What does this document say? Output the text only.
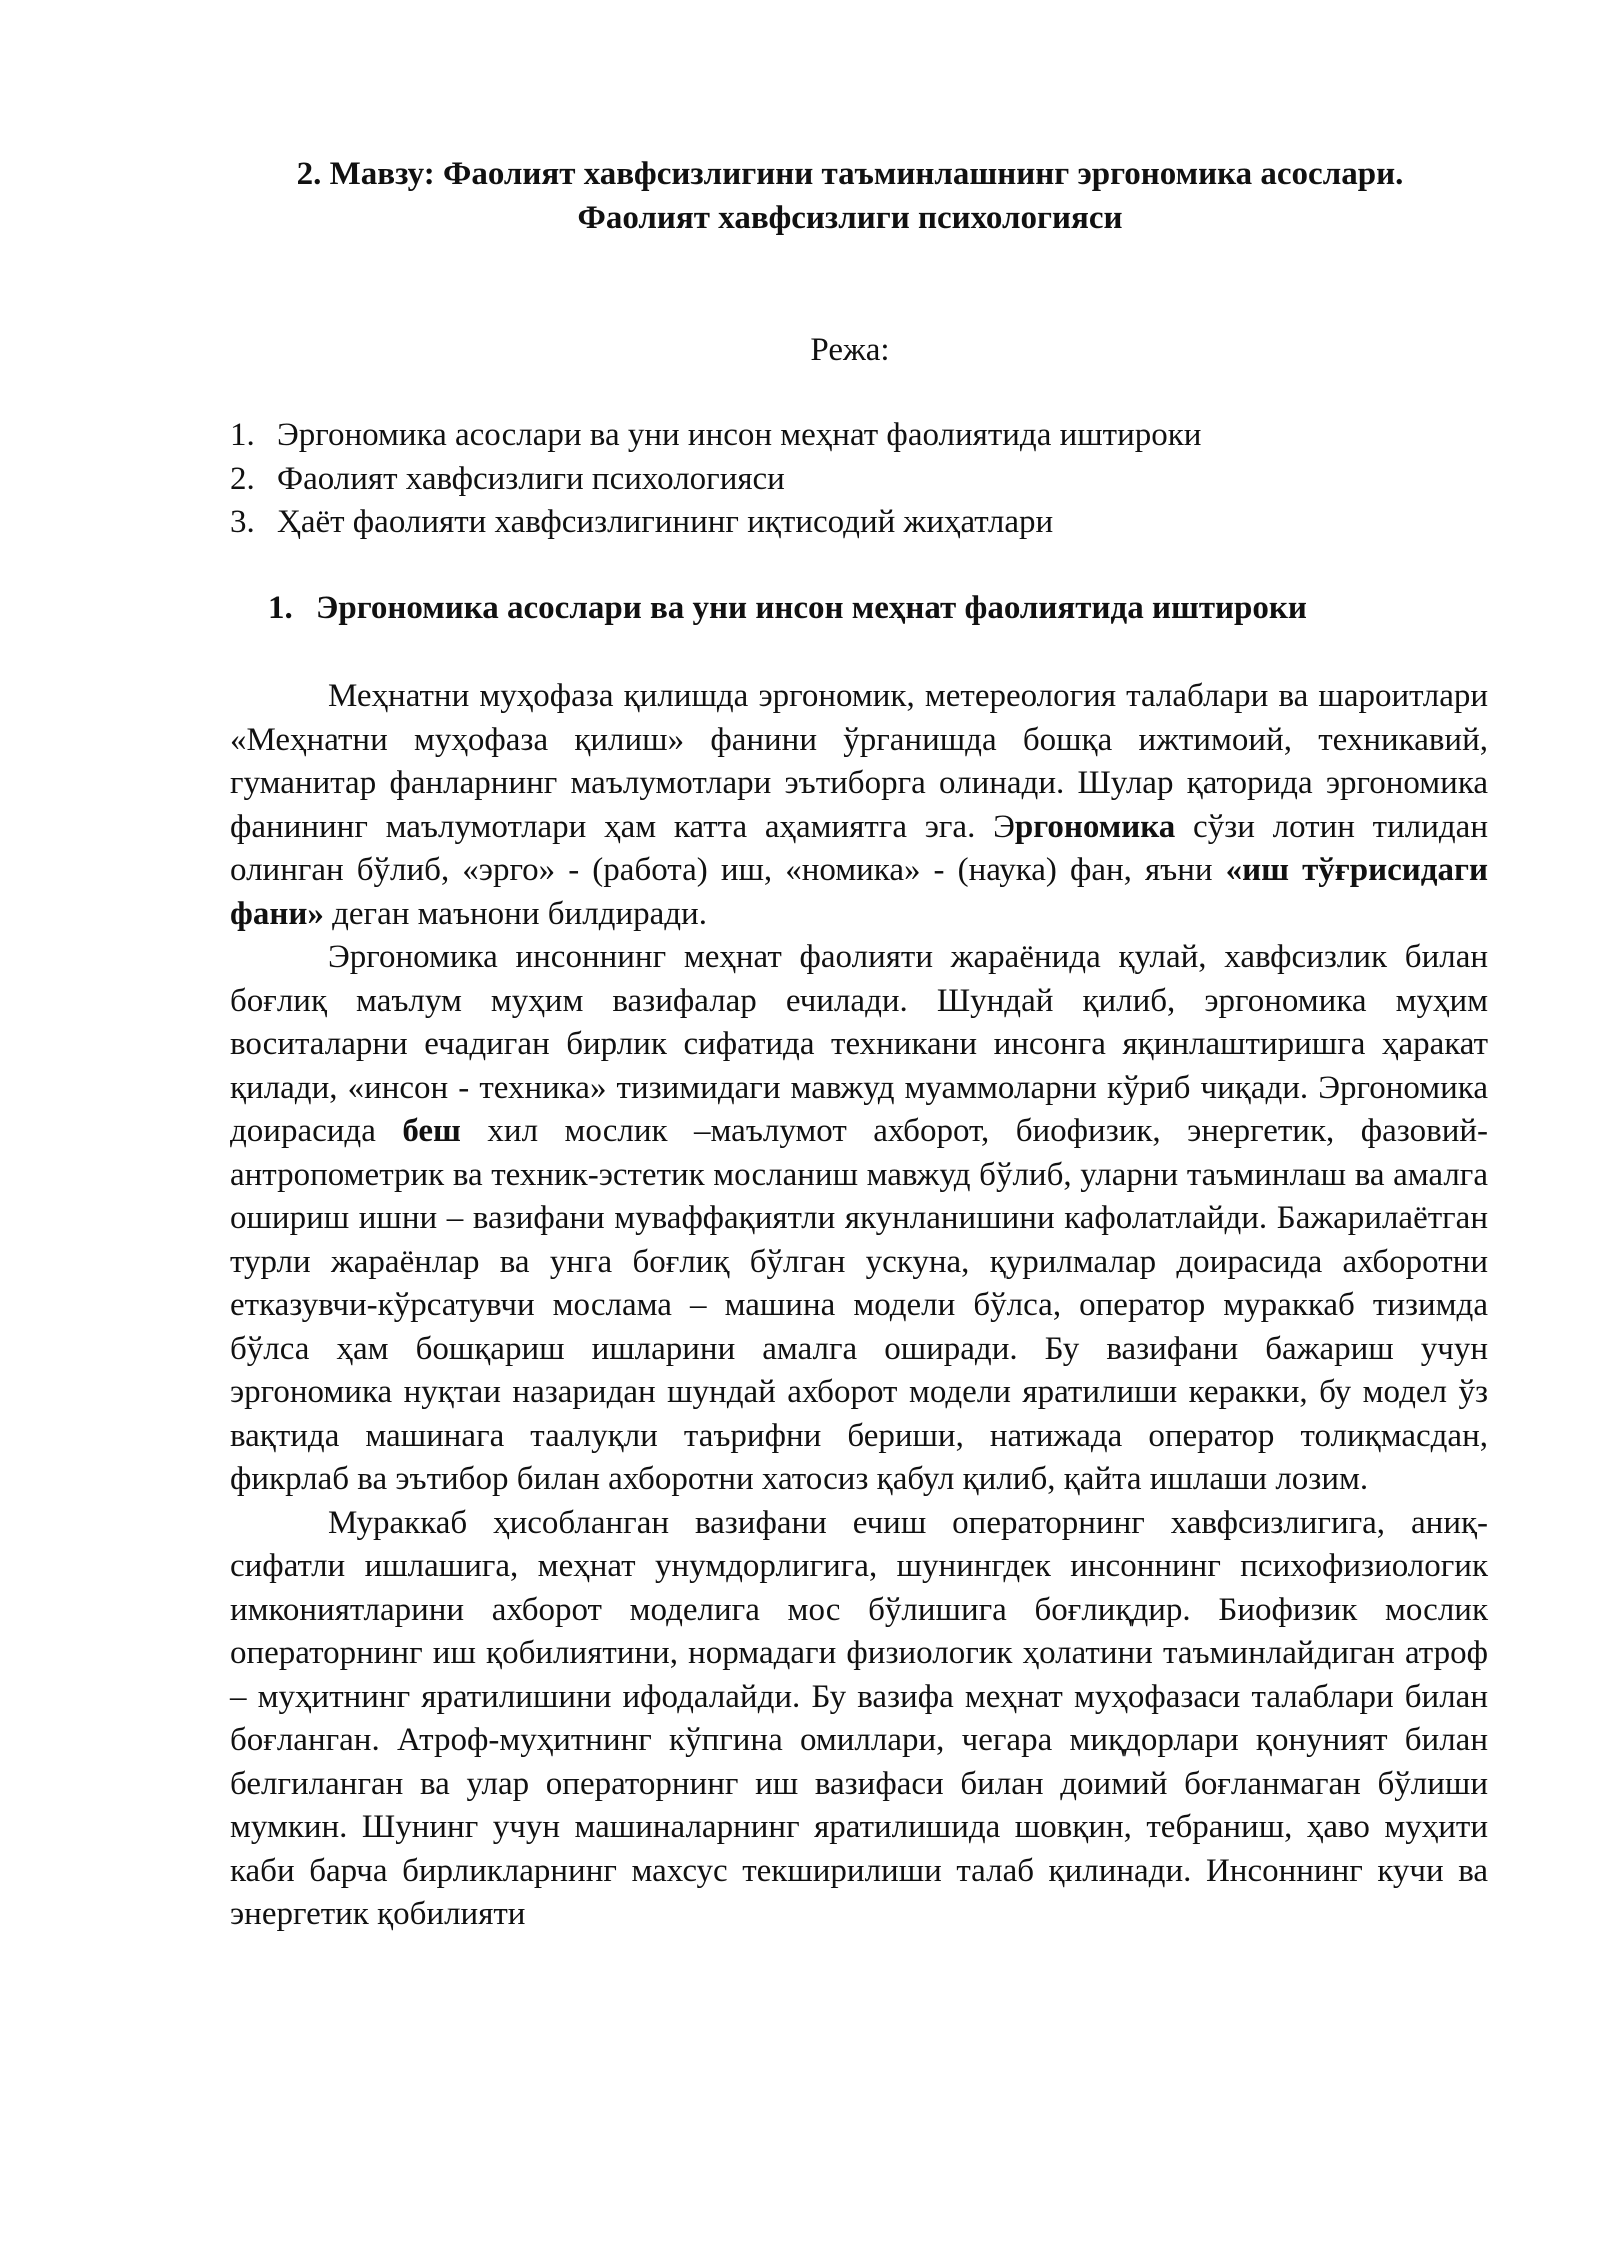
2. Мавзу: Фаолият хавфсизлигини таъминлашнинг эргономика асослари.
Фаолият хавфсизлиги психологияси
Режа:
1. Эргономика асослари ва уни инсон меҳнат фаолиятида иштироки
2. Фаолият хавфсизлиги психологияси
3. Ҳаёт фаолияти хавфсизлигининг иқтисодий жиҳатлари
1. Эргономика асослари ва уни инсон меҳнат фаолиятида иштироки

Меҳнатни муҳофаза қилишда эргономик, метереология талаблари ва шароитлари «Меҳнатни муҳофаза қилиш» фанини ўрганишда бошқа ижтимоий, техникавий, гуманитар фанларнинг маълумотлари эътиборга олинади. Шулар қаторида эргономика фанининг маълумотлари ҳам катта аҳамиятга эга. Эргономика сўзи лотин тилидан олинган бўлиб, «эрго» - (работа) иш, «номика» - (наука) фан, яъни «иш тўғрисидаги фани» деган маънони билдиради.

Эргономика инсоннинг меҳнат фаолияти жараёнида қулай, хавфсизлик билан боғлиқ маълум муҳим вазифалар ечилади. Шундай қилиб, эргономика муҳим воситаларни ечадиган бирлик сифатида техникани инсонга яқинлаштиришга ҳаракат қилади, «инсон - техника» тизимидаги мавжуд муаммоларни кўриб чиқади. Эргономика доирасида беш хил мослик –маълумот ахборот, биофизик, энергетик, фазовий-антропометрик ва техник-эстетик мосланиш мавжуд бўлиб, уларни таъминлаш ва амалга ошириш ишни – вазифани муваффақиятли якунланишини кафолатлайди. Бажарилаётган турли жараёнлар ва унга боғлиқ бўлган ускуна, қурилмалар доирасида ахборотни етказувчи-кўрсатувчи мослама – машина модели бўлса, оператор мураккаб тизимда бўлса ҳам бошқариш ишларини амалга оширади. Бу вазифани бажариш учун эргономика нуқтаи назаридан шундай ахборот модели яратилиши керакки, бу модел ўз вақтида машинага таалуқли таърифни бериши, натижада оператор толиқмасдан, фикрлаб ва эътибор билан ахборотни хатосиз қабул қилиб, қайта ишлаши лозим.

Мураккаб ҳисобланган вазифани ечиш операторнинг хавфсизлигига, аниқ-сифатли ишлашига, меҳнат унумдорлигига, шунингдек инсоннинг психофизиологик имкониятларини ахборот моделига мос бўлишига боғлиқдир. Биофизик мослик операторнинг иш қобилиятини, нормадаги физиологик ҳолатини таъминлайдиган атроф – муҳитнинг яратилишини ифодалайди. Бу вазифа меҳнат муҳофазаси талаблари билан боғланган. Атроф-муҳитнинг кўпгина омиллари, чегара миқдорлари қонуният билан белгиланган ва улар операторнинг иш вазифаси билан доимий боғланмаган бўлиши мумкин. Шунинг учун машиналарнинг яратилишида шовқин, тебраниш, ҳаво муҳити каби барча бирликларнинг махсус текширилиши талаб қилинади. Инсоннинг кучи ва энергетик қобилияти
